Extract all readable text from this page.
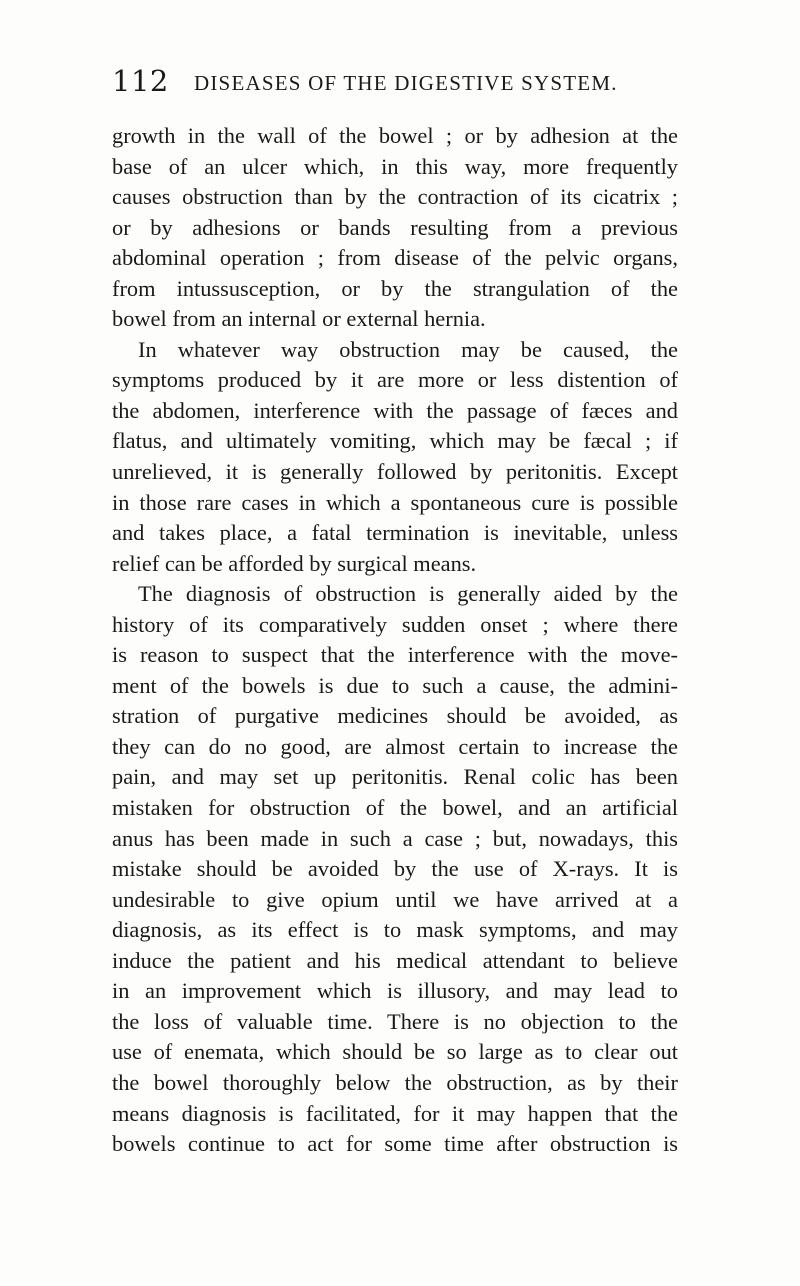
112 DISEASES OF THE DIGESTIVE SYSTEM.
growth in the wall of the bowel ; or by adhesion at the
base of an ulcer which, in this way, more frequently
causes obstruction than by the contraction of its cicatrix ;
or by adhesions or bands resulting from a previous
abdominal operation ; from disease of the pelvic organs,
from intussusception, or by the strangulation of the
bowel from an internal or external hernia.
In whatever way obstruction may be caused, the
symptoms produced by it are more or less distention of
the abdomen, interference with the passage of fæces and
flatus, and ultimately vomiting, which may be fæcal ; if
unrelieved, it is generally followed by peritonitis. Except
in those rare cases in which a spontaneous cure is possible
and takes place, a fatal termination is inevitable, unless
relief can be afforded by surgical means.
The diagnosis of obstruction is generally aided by the
history of its comparatively sudden onset ; where there
is reason to suspect that the interference with the move-
ment of the bowels is due to such a cause, the admini-
stration of purgative medicines should be avoided, as
they can do no good, are almost certain to increase the
pain, and may set up peritonitis. Renal colic has been
mistaken for obstruction of the bowel, and an artificial
anus has been made in such a case ; but, nowadays, this
mistake should be avoided by the use of X-rays. It is
undesirable to give opium until we have arrived at a
diagnosis, as its effect is to mask symptoms, and may
induce the patient and his medical attendant to believe
in an improvement which is illusory, and may lead to
the loss of valuable time. There is no objection to the
use of enemata, which should be so large as to clear out
the bowel thoroughly below the obstruction, as by their
means diagnosis is facilitated, for it may happen that the
bowels continue to act for some time after obstruction is
